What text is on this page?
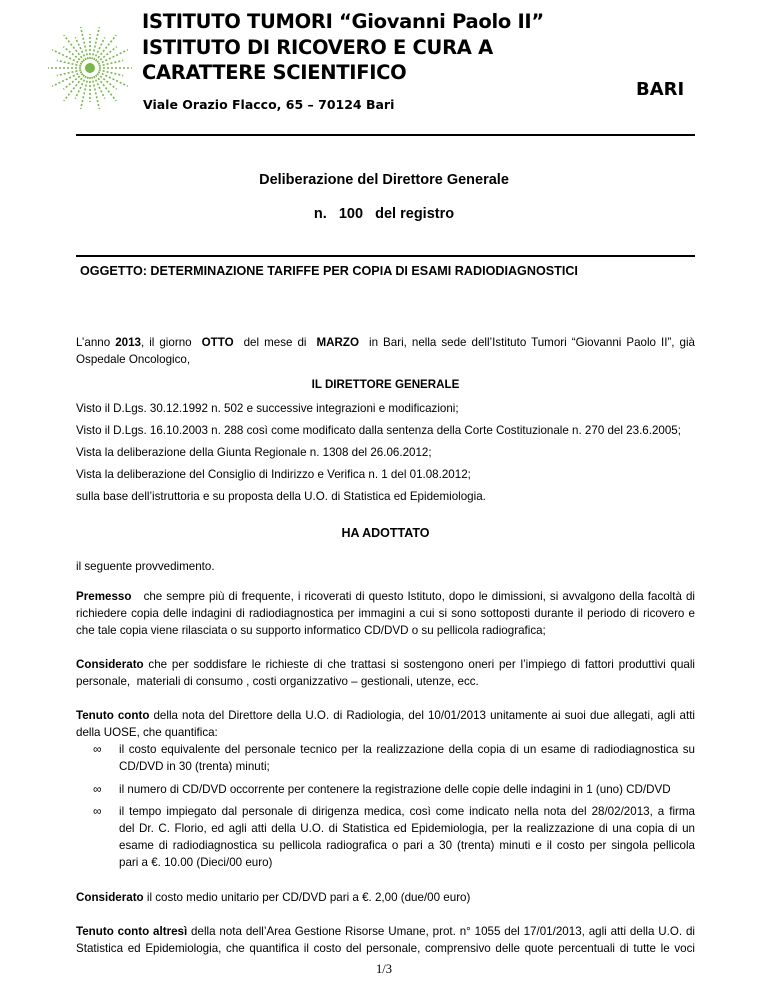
ISTITUTO TUMORI “Giovanni Paolo II”
ISTITUTO DI RICOVERO E CURA A
CARATTERE SCIENTIFICO
BARI
Viale Orazio Flacco, 65 – 70124 Bari
Deliberazione del Direttore Generale
n.   100   del registro
OGGETTO: DETERMINAZIONE TARIFFE PER COPIA DI ESAMI RADIODIAGNOSTICI
L’anno 2013, il giorno  OTTO  del mese di  MARZO  in Bari, nella sede dell’Istituto Tumori “Giovanni Paolo II”, già
Ospedale Oncologico,
IL DIRETTORE GENERALE
Visto il D.Lgs. 30.12.1992 n. 502 e successive integrazioni e modificazioni;
Visto il D.Lgs. 16.10.2003 n. 288 così come modificato dalla sentenza della Corte Costituzionale n. 270 del 23.6.2005;
Vista la deliberazione della Giunta Regionale n. 1308 del 26.06.2012;
Vista la deliberazione del Consiglio di Indirizzo e Verifica n. 1 del 01.08.2012;
sulla base dell’istruttoria e su proposta della U.O. di Statistica ed Epidemiologia.
HA ADOTTATO
il seguente provvedimento.
Premesso   che sempre più di frequente, i ricoverati di questo Istituto, dopo le dimissioni, si avvalgono della facoltà di
richiedere copia delle indagini di radiodiagnostica per immagini a cui si sono sottoposti durante il periodo di ricovero e
che tale copia viene rilasciata o su supporto informatico CD/DVD o su pellicola radiografica;
Considerato che per soddisfare le richieste di che trattasi si sostengono oneri per l’impiego di fattori produttivi quali
personale,  materiali di consumo , costi organizzativo – gestionali, utenze, ecc.
Tenuto conto della nota del Direttore della U.O. di Radiologia, del 10/01/2013 unitamente ai suoi due allegati, agli atti
della UOSE, che quantifica:
∞ il costo equivalente del personale tecnico per la realizzazione della copia di un esame di radiodiagnostica su
CD/DVD in 30 (trenta) minuti;
∞ il numero di CD/DVD occorrente per contenere la registrazione delle copie delle indagini in 1 (uno) CD/DVD
∞ il tempo impiegato dal personale di dirigenza medica, così come indicato nella nota del 28/02/2013, a firma
del Dr. C. Florio, ed agli atti della U.O. di Statistica ed Epidemiologia, per la realizzazione di una copia di un
esame di radiodiagnostica su pellicola radiografica o pari a 30 (trenta) minuti e il costo per singola pellicola
pari a €. 10.00 (Dieci/00 euro)
Considerato il costo medio unitario per CD/DVD pari a €. 2,00 (due/00 euro)
Tenuto conto altresì della nota dell’Area Gestione Risorse Umane, prot. n° 1055 del 17/01/2013, agli atti della U.O. di
Statistica ed Epidemiologia, che quantifica il costo del personale, comprensivo delle quote percentuali di tutte le voci
1/3
